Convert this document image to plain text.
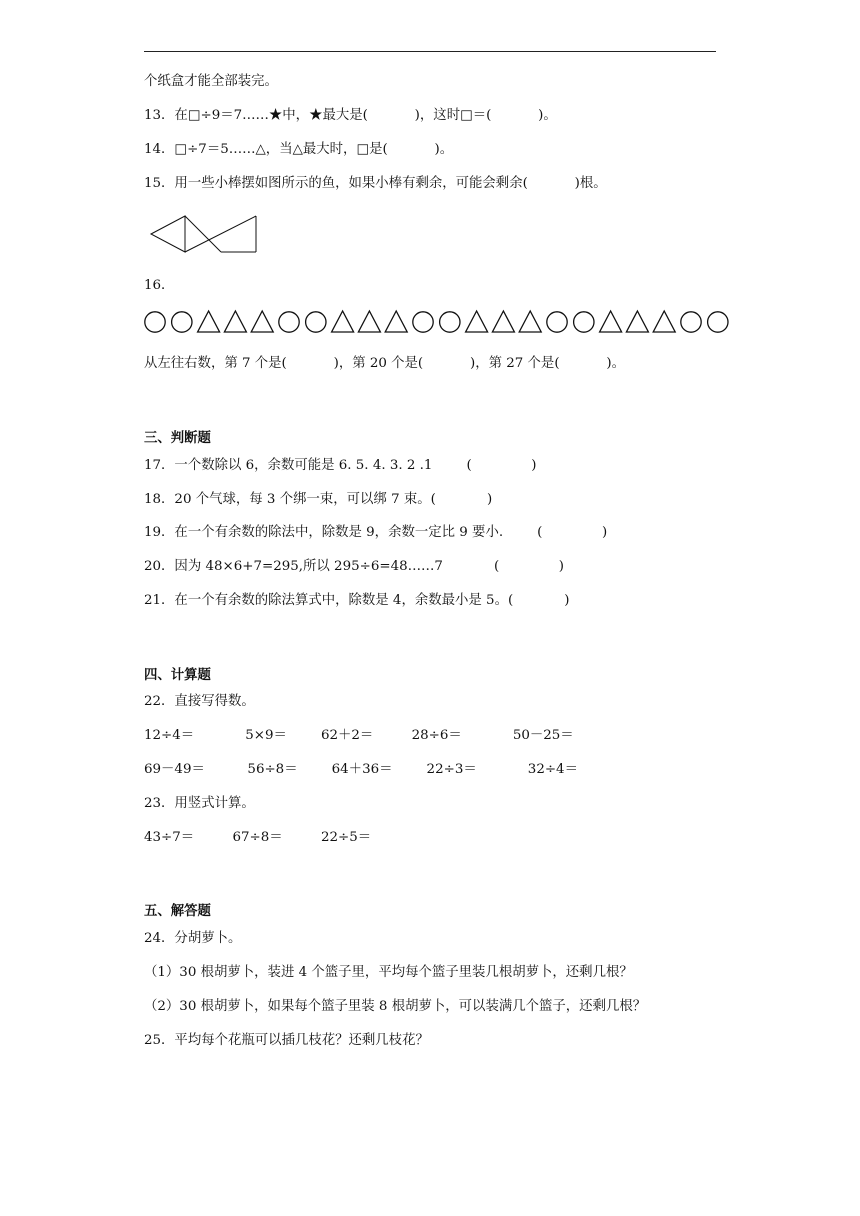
个纸盒才能全部装完。
13．在□÷9＝7……★中，★最大是(           )，这时□＝(           )。
14．□÷7＝5……△，当△最大时，□是(           )。
15．用一些小棒摆如图所示的鱼，如果小棒有剩余，可能会剩余(           )根。
16．
从左往右数，第 7 个是(           )，第 20 个是(           )，第 27 个是(           )。
三、判断题
17．一个数除以 6，余数可能是 6. 5. 4. 3. 2 .1        (              )
18．20 个气球，每 3 个绑一束，可以绑 7 束。(            )
19．在一个有余数的除法中，除数是 9，余数一定比 9 要小.        (              )
20．因为 48×6+7=295,所以 295÷6=48……7            (              )
21．在一个有余数的除法算式中，除数是 4，余数最小是 5。(            )
四、计算题
22．直接写得数。
12÷4＝            5×9＝        62＋2＝         28÷6＝            50－25＝
69－49＝          56÷8＝        64＋36＝        22÷3＝            32÷4＝
23．用竖式计算。
43÷7＝         67÷8＝         22÷5＝
五、解答题
24．分胡萝卜。
（1）30 根胡萝卜，装进 4 个篮子里，平均每个篮子里装几根胡萝卜，还剩几根？
（2）30 根胡萝卜，如果每个篮子里装 8 根胡萝卜，可以装满几个篮子，还剩几根？
25．平均每个花瓶可以插几枝花？还剩几枝花？
